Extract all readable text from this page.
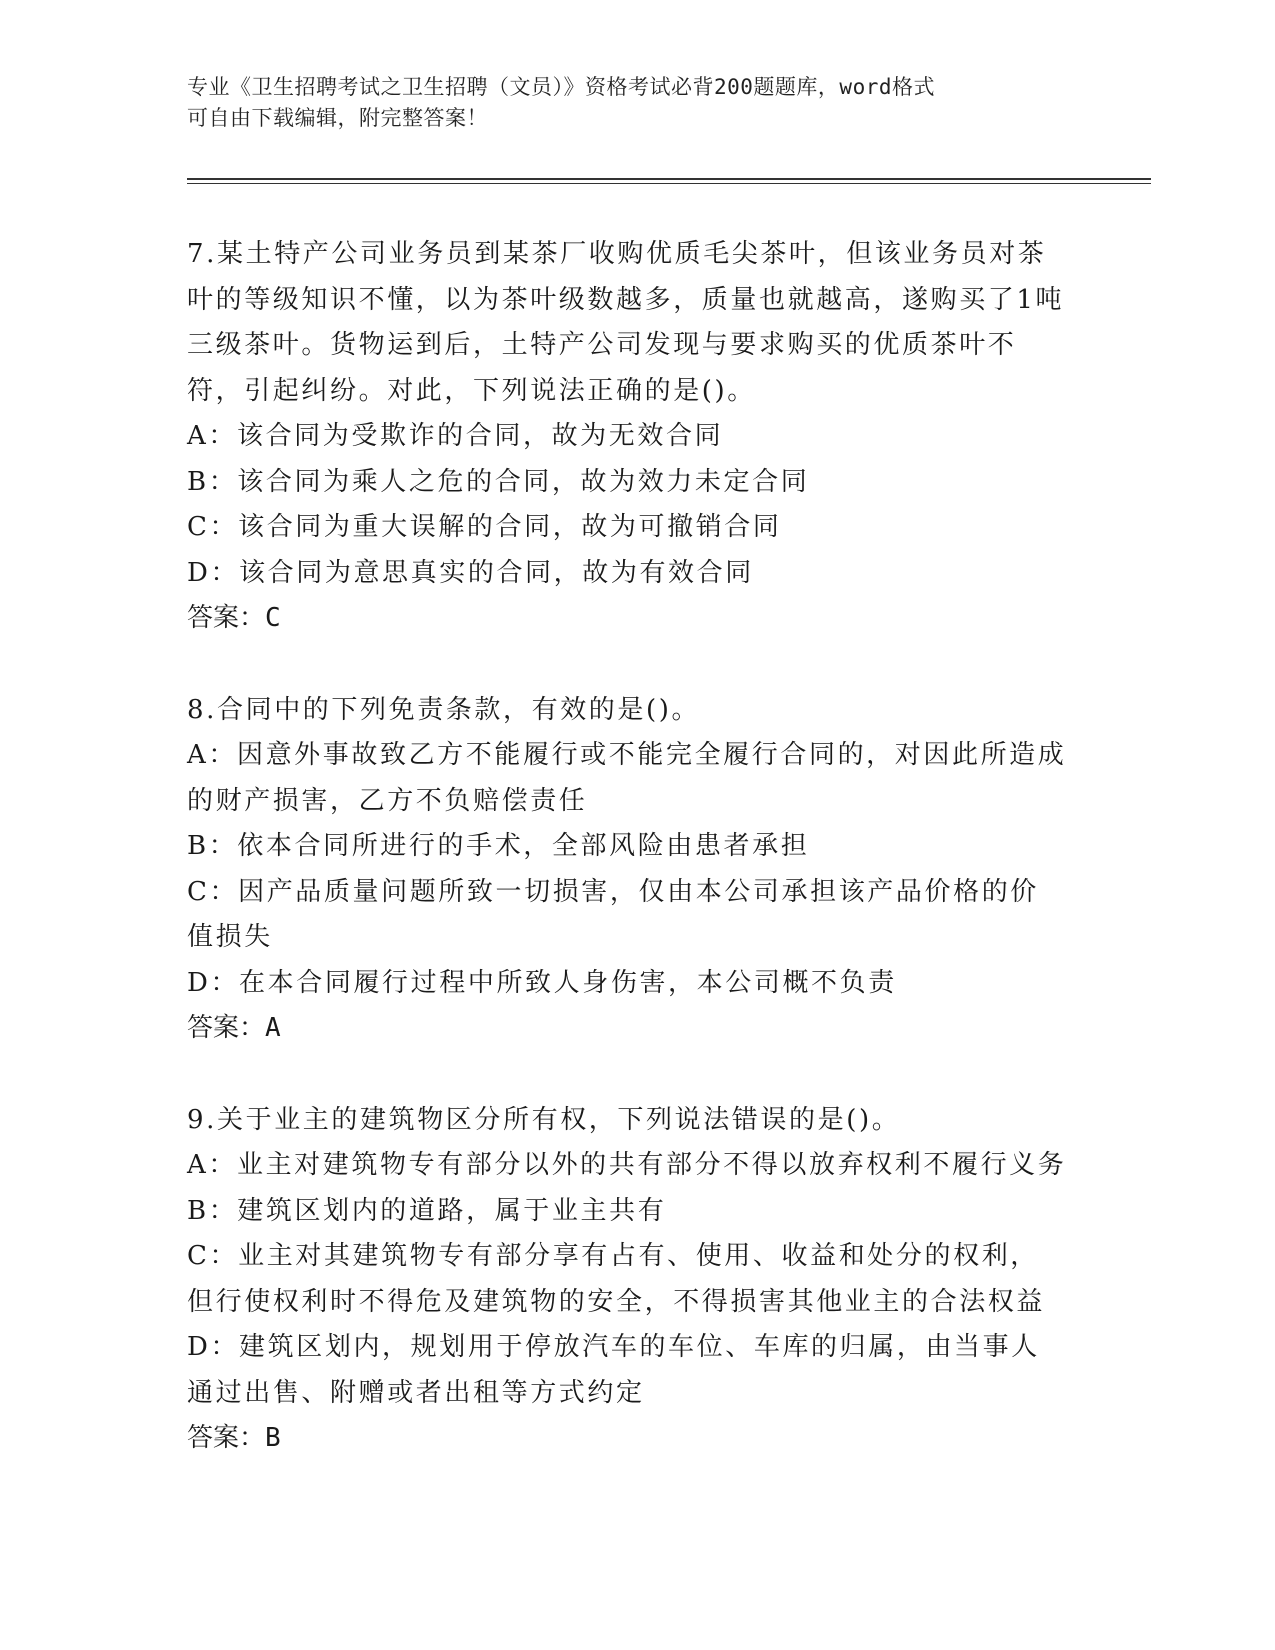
专业《卫生招聘考试之卫生招聘（文员）》资格考试必背200题题库，word格式
可自由下载编辑，附完整答案！

7.某土特产公司业务员到某茶厂收购优质毛尖茶叶，但该业务员对茶叶的等级知识不懂，以为茶叶级数越多，质量也就越高，遂购买了1吨三级茶叶。货物运到后，土特产公司发现与要求购买的优质茶叶不符，引起纠纷。对此，下列说法正确的是()。

A：该合同为受欺诈的合同，故为无效合同

B：该合同为乘人之危的合同，故为效力未定合同

C：该合同为重大误解的合同，故为可撤销合同

D：该合同为意思真实的合同，故为有效合同

答案：C

8.合同中的下列免责条款，有效的是()。

A：因意外事故致乙方不能履行或不能完全履行合同的，对因此所造成的财产损害，乙方不负赔偿责任

B：依本合同所进行的手术，全部风险由患者承担

C：因产品质量问题所致一切损害，仅由本公司承担该产品价格的价值损失

D：在本合同履行过程中所致人身伤害，本公司概不负责

答案：A

9.关于业主的建筑物区分所有权，下列说法错误的是()。

A：业主对建筑物专有部分以外的共有部分不得以放弃权利不履行义务

B：建筑区划内的道路，属于业主共有

C：业主对其建筑物专有部分享有占有、使用、收益和处分的权利，但行使权利时不得危及建筑物的安全，不得损害其他业主的合法权益

D：建筑区划内，规划用于停放汽车的车位、车库的归属，由当事人通过出售、附赠或者出租等方式约定

答案：B
